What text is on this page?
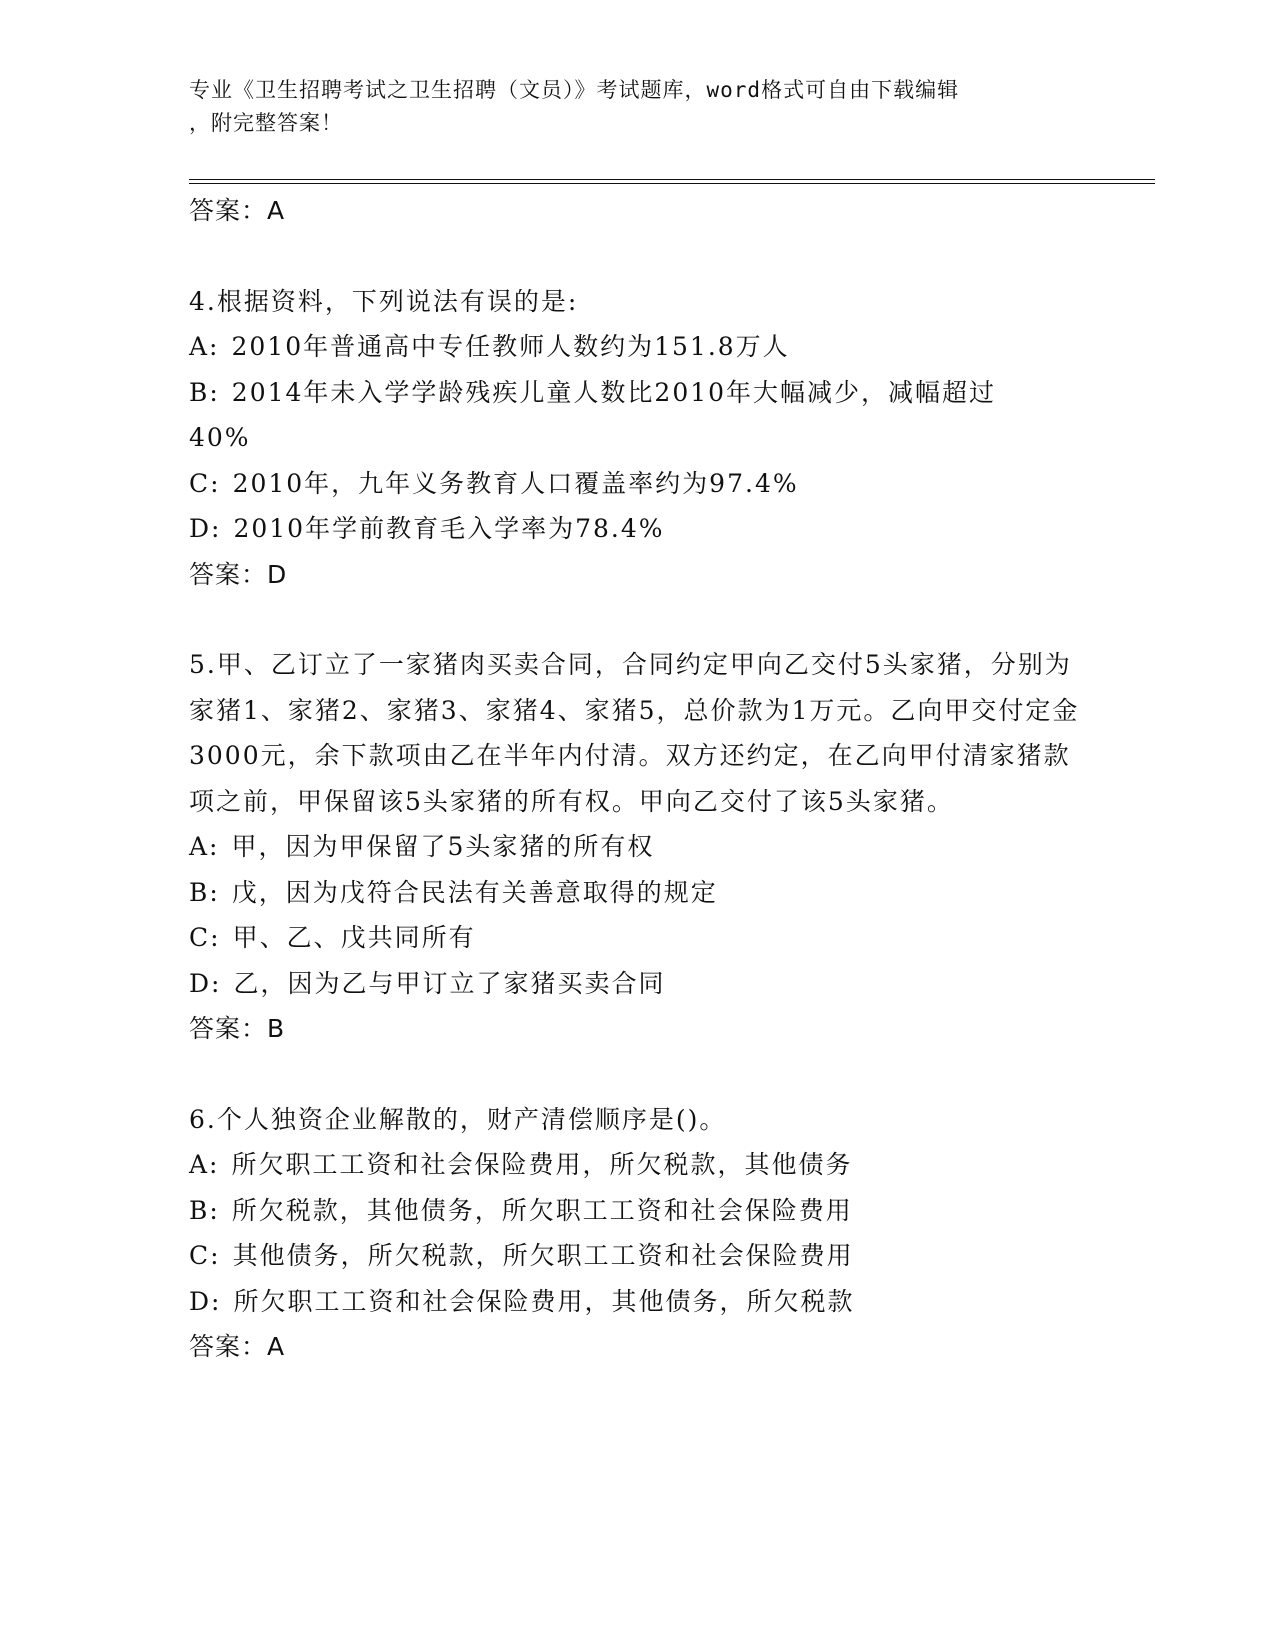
专业《卫生招聘考试之卫生招聘（文员）》考试题库，word格式可自由下载编辑
，附完整答案！
答案：A
4.根据资料，下列说法有误的是:
A: 2010年普通高中专任教师人数约为151.8万人
B: 2014年未入学学龄残疾儿童人数比2010年大幅减少，减幅超过
40%
C: 2010年，九年义务教育人口覆盖率约为97.4%
D: 2010年学前教育毛入学率为78.4%
答案：D
5.甲、乙订立了一家猪肉买卖合同，合同约定甲向乙交付5头家猪，分别为家猪1、家猪2、家猪3、家猪4、家猪5，总价款为1万元。乙向甲交付定金3000元，余下款项由乙在半年内付清。双方还约定，在乙向甲付清家猪款项之前，甲保留该5头家猪的所有权。甲向乙交付了该5头家猪。
A: 甲，因为甲保留了5头家猪的所有权
B: 戊，因为戊符合民法有关善意取得的规定
C: 甲、乙、戊共同所有
D: 乙，因为乙与甲订立了家猪买卖合同
答案：B
6.个人独资企业解散的，财产清偿顺序是()。
A: 所欠职工工资和社会保险费用，所欠税款，其他债务
B: 所欠税款，其他债务，所欠职工工资和社会保险费用
C: 其他债务，所欠税款，所欠职工工资和社会保险费用
D: 所欠职工工资和社会保险费用，其他债务，所欠税款
答案：A
